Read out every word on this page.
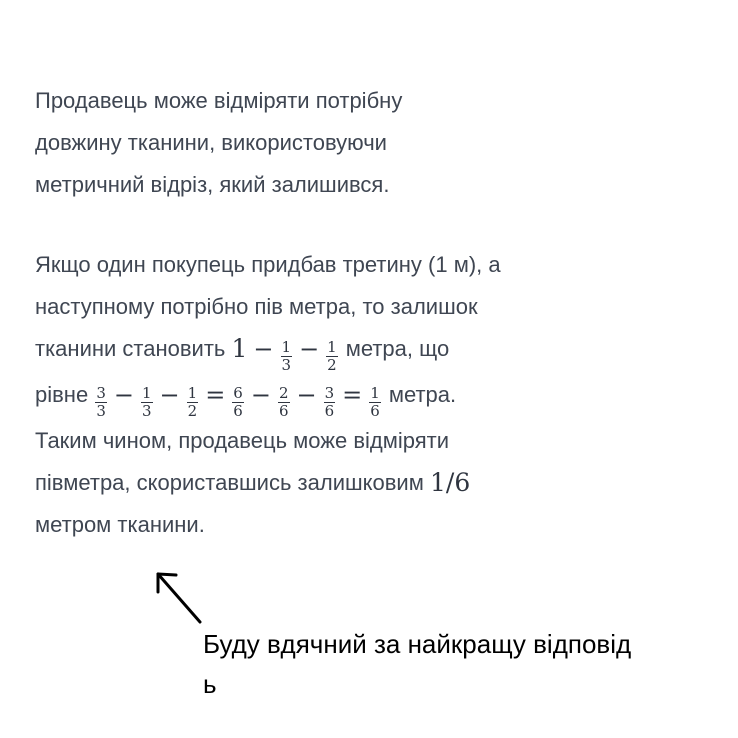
Продавець може відміряти потрібну
довжину тканини, використовуючи
метричний відріз, який залишився.
Якщо один покупець придбав третину (1 м), а
наступному потрібно пів метра, то залишок
тканини становить $1 - \frac{1}{3} - \frac{1}{2}$ метра, що
рівне $\frac{3}{3} - \frac{1}{3} - \frac{1}{2} = \frac{6}{6} - \frac{2}{6} - \frac{3}{6} = \frac{1}{6}$ метра.
Таким чином, продавець може відміряти
півметра, скориставшись залишковим 1/6
метром тканини.
Буду вдячний за найкращу відповід
ь
